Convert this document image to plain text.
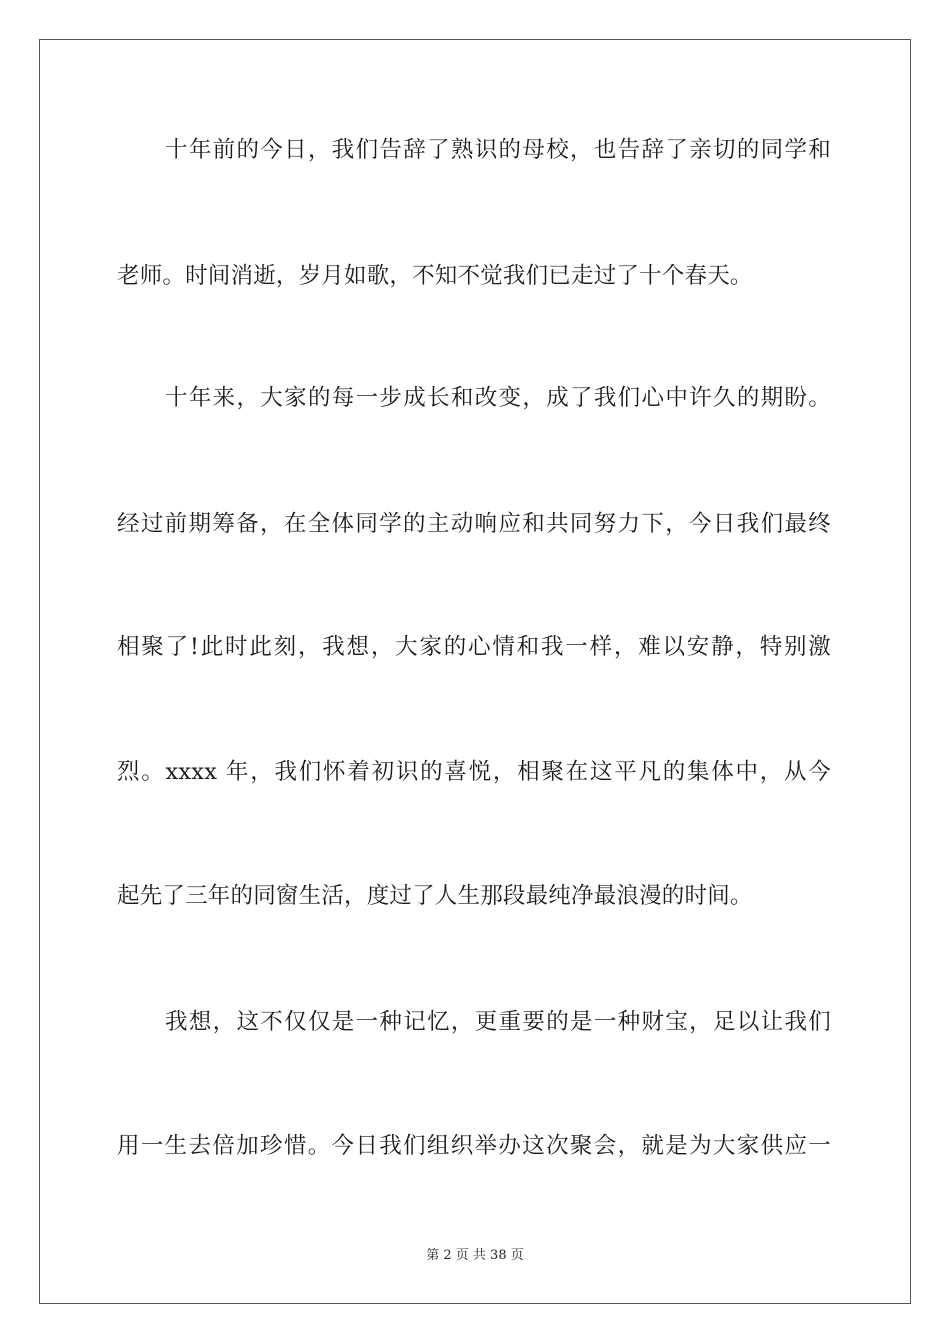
十年前的今日，我们告辞了熟识的母校，也告辞了亲切的同学和
老师。时间消逝，岁月如歌，不知不觉我们已走过了十个春天。
十年来，大家的每一步成长和改变，成了我们心中许久的期盼。
经过前期筹备，在全体同学的主动响应和共同努力下，今日我们最终
相聚了!此时此刻，我想，大家的心情和我一样，难以安静，特别激
烈。xxxx 年，我们怀着初识的喜悦，相聚在这平凡的集体中，从今
起先了三年的同窗生活，度过了人生那段最纯净最浪漫的时间。
我想，这不仅仅是一种记忆，更重要的是一种财宝，足以让我们
用一生去倍加珍惜。今日我们组织举办这次聚会，就是为大家供应一
第 2 页 共 38 页
